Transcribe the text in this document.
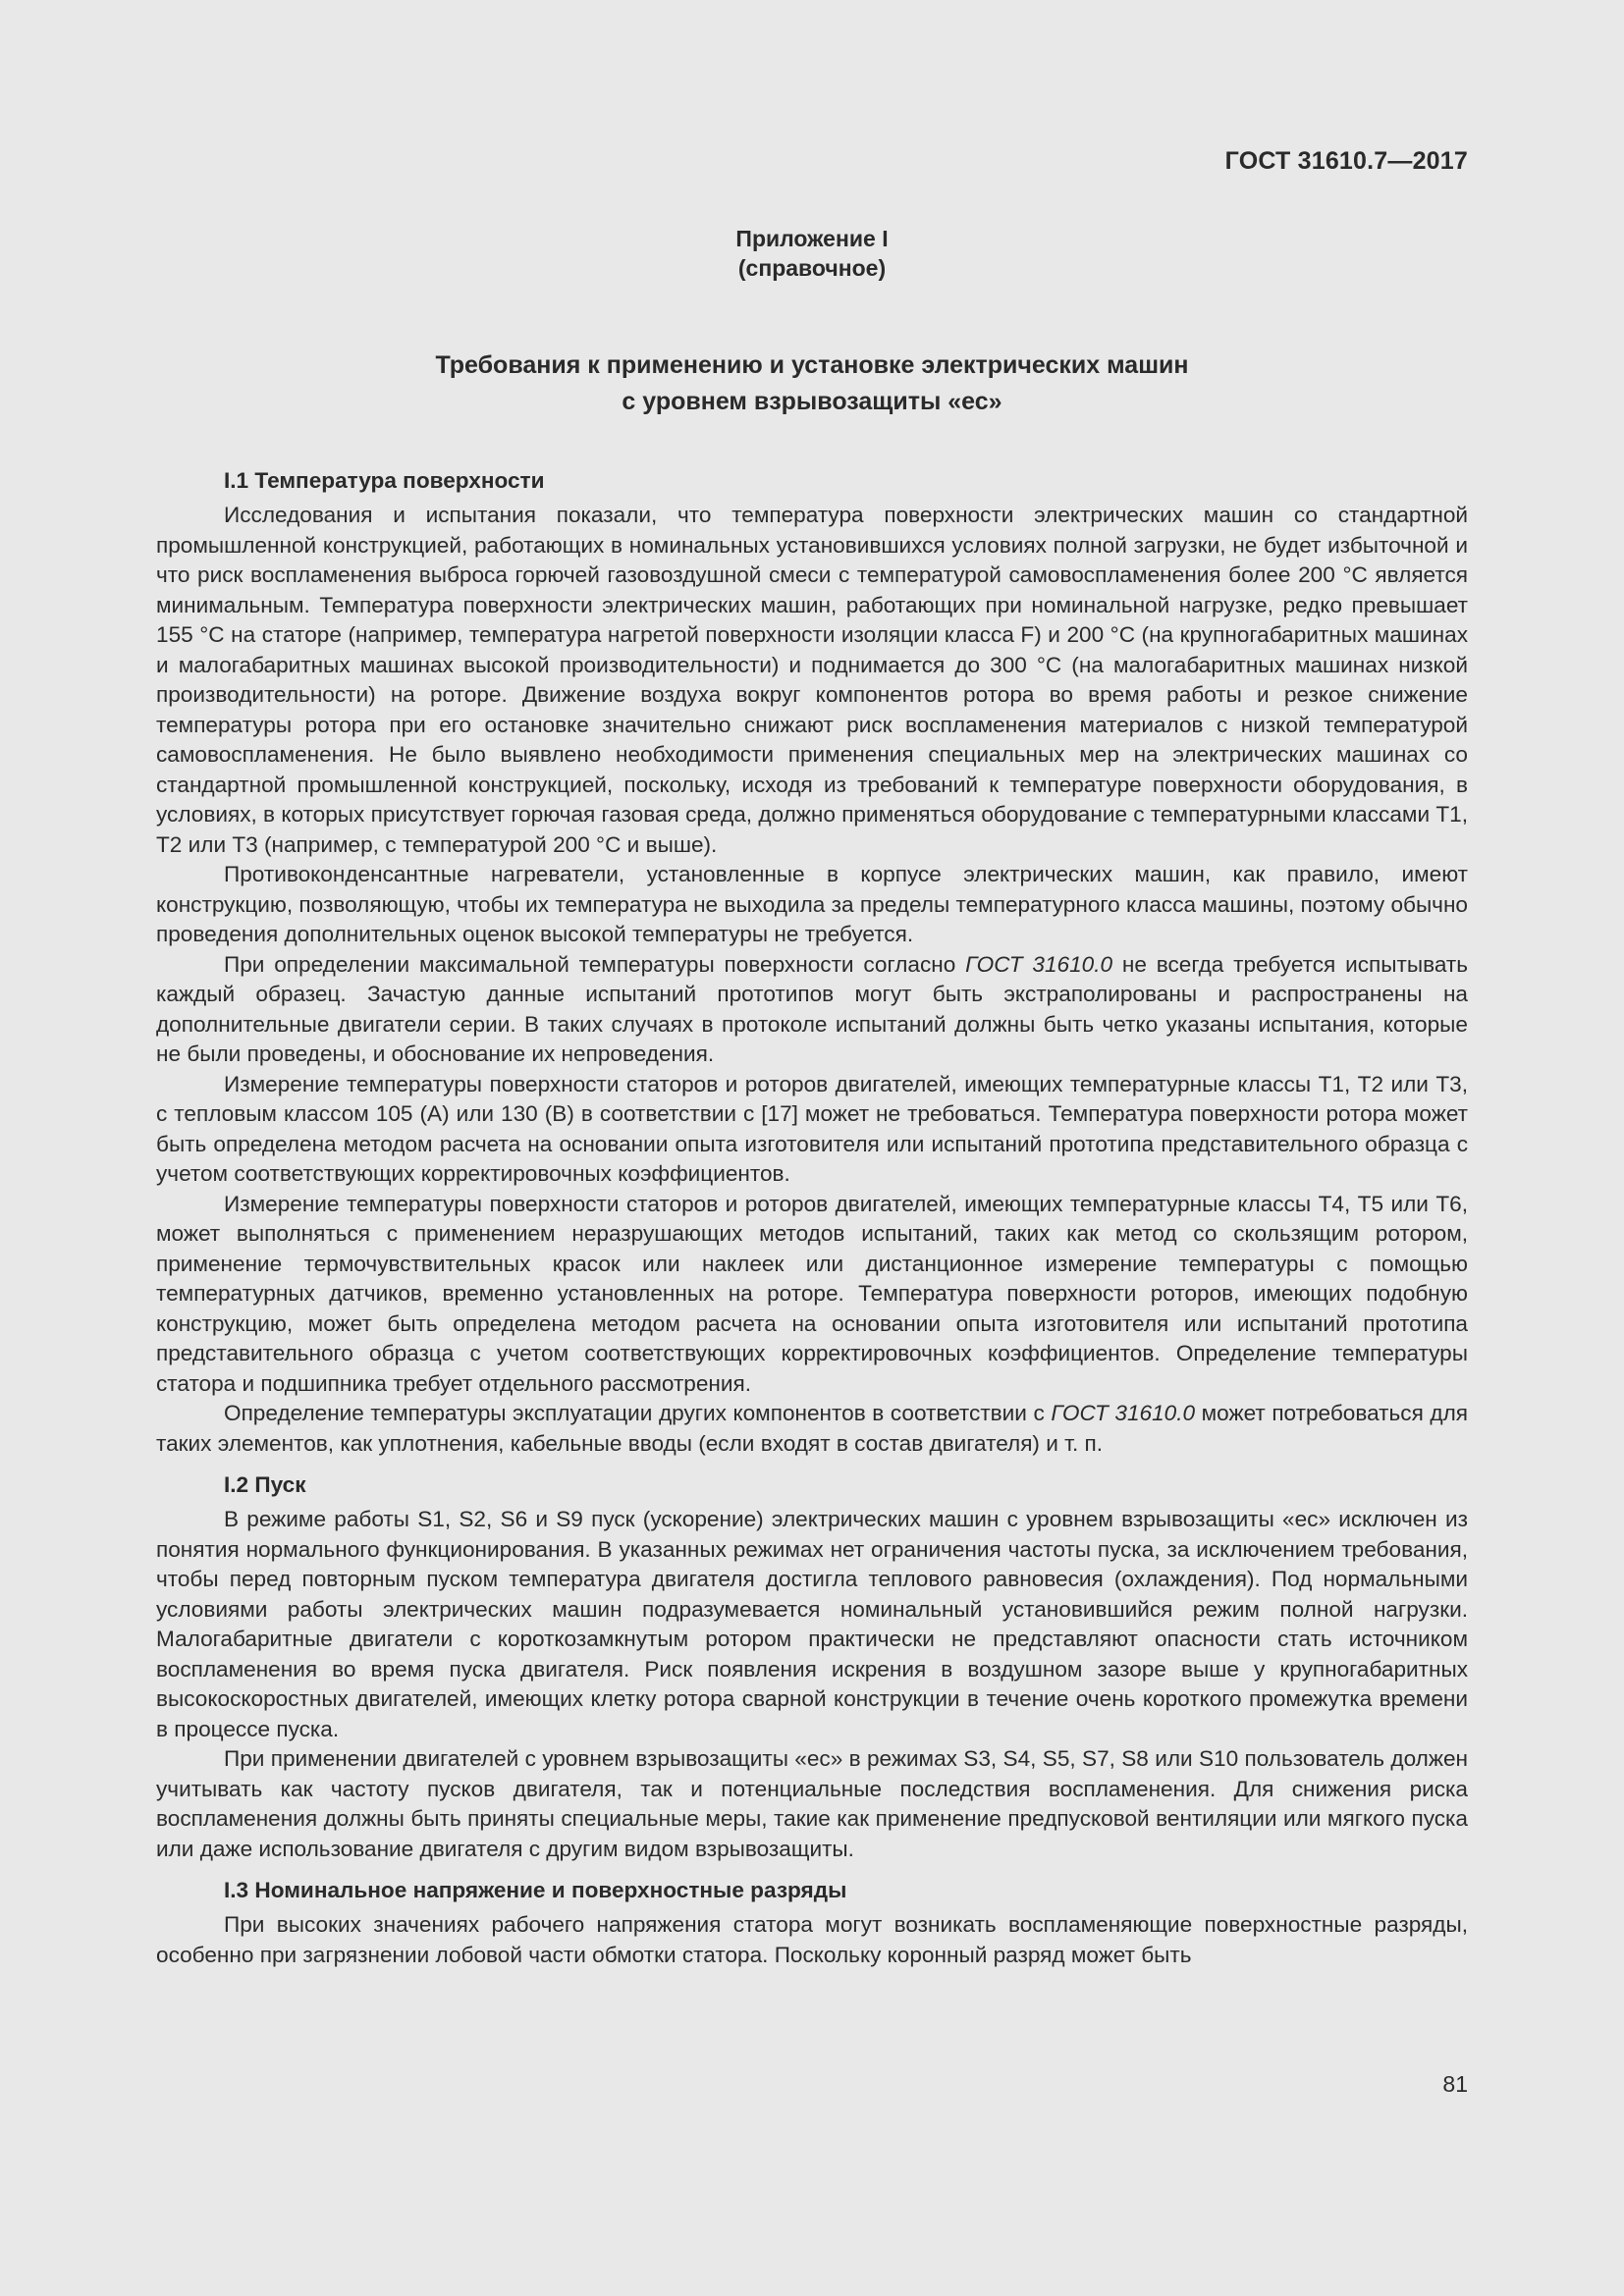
ГОСТ 31610.7—2017
Приложение I
(справочное)
Требования к применению и установке электрических машин
с уровнем взрывозащиты «ес»
I.1 Температура поверхности

Исследования и испытания показали, что температура поверхности электрических машин со стандартной промышленной конструкцией, работающих в номинальных установившихся условиях полной загрузки, не будет избыточной и что риск воспламенения выброса горючей газовоздушной смеси с температурой самовоспламенения более 200 °С является минимальным. Температура поверхности электрических машин, работающих при номинальной нагрузке, редко превышает 155 °С на статоре (например, температура нагретой поверхности изоляции класса F) и 200 °С (на крупногабаритных машинах и малогабаритных машинах высокой производительности) и поднимается до 300 °С (на малогабаритных машинах низкой производительности) на роторе. Движение воздуха вокруг компонентов ротора во время работы и резкое снижение температуры ротора при его остановке значительно снижают риск воспламенения материалов с низкой температурой самовоспламенения. Не было выявлено необходимости применения специальных мер на электрических машинах со стандартной промышленной конструкцией, поскольку, исходя из требований к температуре поверхности оборудования, в условиях, в которых присутствует горючая газовая среда, должно применяться оборудование с температурными классами Т1, Т2 или Т3 (например, с температурой 200 °С и выше).

Противоконденсантные нагреватели, установленные в корпусе электрических машин, как правило, имеют конструкцию, позволяющую, чтобы их температура не выходила за пределы температурного класса машины, поэтому обычно проведения дополнительных оценок высокой температуры не требуется.

При определении максимальной температуры поверхности согласно ГОСТ 31610.0 не всегда требуется испытывать каждый образец. Зачастую данные испытаний прототипов могут быть экстраполированы и распространены на дополнительные двигатели серии. В таких случаях в протоколе испытаний должны быть четко указаны испытания, которые не были проведены, и обоснование их непроведения.

Измерение температуры поверхности статоров и роторов двигателей, имеющих температурные классы Т1, Т2 или Т3, с тепловым классом 105 (А) или 130 (В) в соответствии с [17] может не требоваться. Температура поверхности ротора может быть определена методом расчета на основании опыта изготовителя или испытаний прототипа представительного образца с учетом соответствующих корректировочных коэффициентов.

Измерение температуры поверхности статоров и роторов двигателей, имеющих температурные классы Т4, Т5 или Т6, может выполняться с применением неразрушающих методов испытаний, таких как метод со скользящим ротором, применение термочувствительных красок или наклеек или дистанционное измерение температуры с помощью температурных датчиков, временно установленных на роторе. Температура поверхности роторов, имеющих подобную конструкцию, может быть определена методом расчета на основании опыта изготовителя или испытаний прототипа представительного образца с учетом соответствующих корректировочных коэффициентов. Определение температуры статора и подшипника требует отдельного рассмотрения.

Определение температуры эксплуатации других компонентов в соответствии с ГОСТ 31610.0 может потребоваться для таких элементов, как уплотнения, кабельные вводы (если входят в состав двигателя) и т. п.

I.2 Пуск

В режиме работы S1, S2, S6 и S9 пуск (ускорение) электрических машин с уровнем взрывозащиты «ес» исключен из понятия нормального функционирования. В указанных режимах нет ограничения частоты пуска, за исключением требования, чтобы перед повторным пуском температура двигателя достигла теплового равновесия (охлаждения). Под нормальными условиями работы электрических машин подразумевается номинальный установившийся режим полной нагрузки. Малогабаритные двигатели с короткозамкнутым ротором практически не представляют опасности стать источником воспламенения во время пуска двигателя. Риск появления искрения в воздушном зазоре выше у крупногабаритных высокоскоростных двигателей, имеющих клетку ротора сварной конструкции в течение очень короткого промежутка времени в процессе пуска.

При применении двигателей с уровнем взрывозащиты «ес» в режимах S3, S4, S5, S7, S8 или S10 пользователь должен учитывать как частоту пусков двигателя, так и потенциальные последствия воспламенения. Для снижения риска воспламенения должны быть приняты специальные меры, такие как применение предпусковой вентиляции или мягкого пуска или даже использование двигателя с другим видом взрывозащиты.

I.3 Номинальное напряжение и поверхностные разряды

При высоких значениях рабочего напряжения статора могут возникать воспламеняющие поверхностные разряды, особенно при загрязнении лобовой части обмотки статора. Поскольку коронный разряд может быть

81
